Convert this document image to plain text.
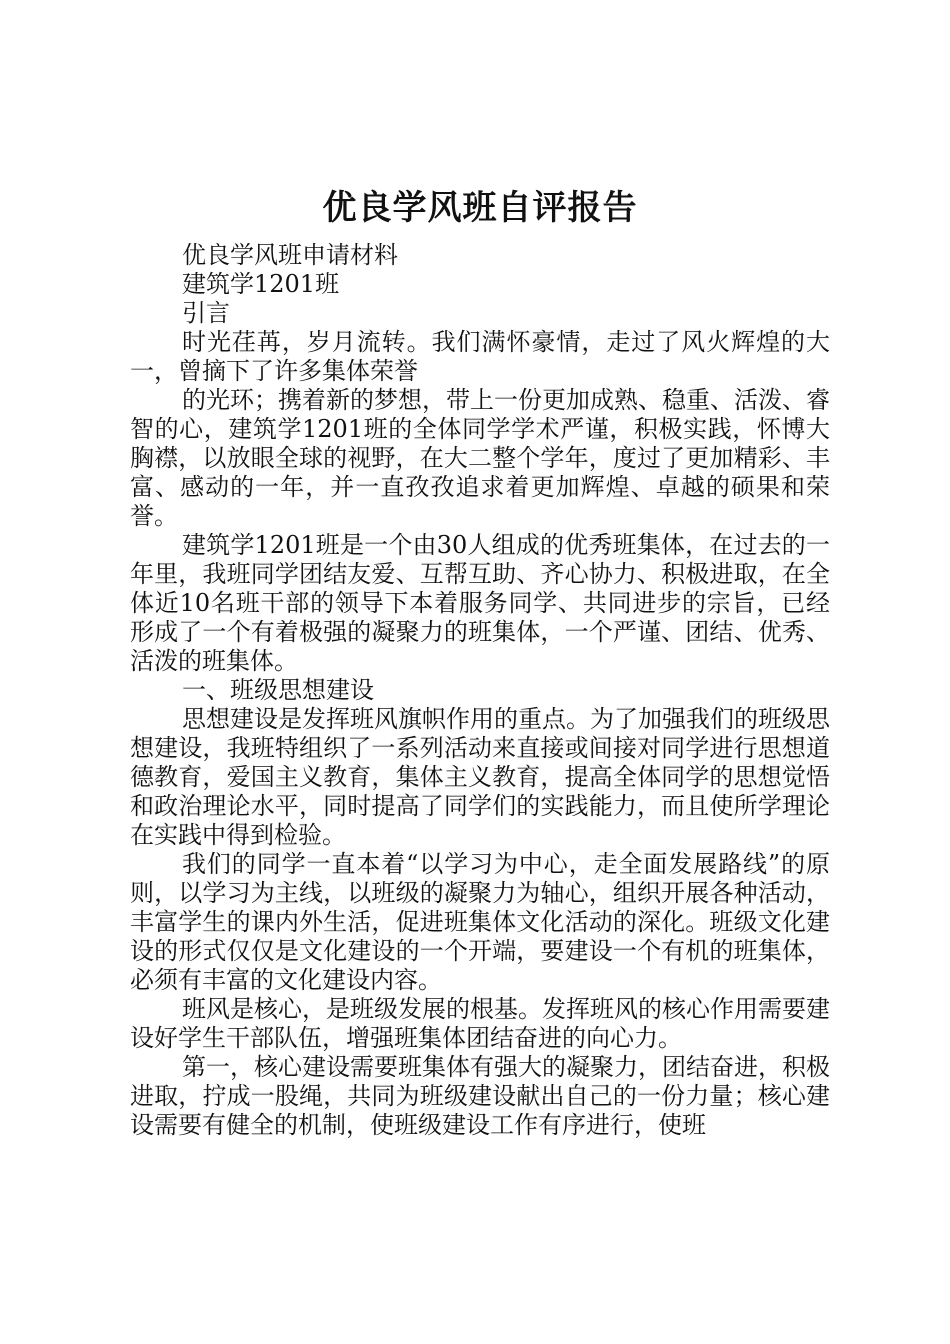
优良学风班自评报告

优良学风班申请材料

建筑学1201班

引言

时光荏苒，岁月流转。我们满怀豪情，走过了风火辉煌的大一，曾摘下了许多集体荣誉

的光环；携着新的梦想，带上一份更加成熟、稳重、活泼、睿智的心，建筑学1201班的全体同学学术严谨，积极实践，怀博大胸襟，以放眼全球的视野，在大二整个学年，度过了更加精彩、丰富、感动的一年，并一直孜孜追求着更加辉煌、卓越的硕果和荣誉。

建筑学1201班是一个由30人组成的优秀班集体，在过去的一年里，我班同学团结友爱、互帮互助、齐心协力、积极进取，在全体近10名班干部的领导下本着服务同学、共同进步的宗旨，已经形成了一个有着极强的凝聚力的班集体，一个严谨、团结、优秀、活泼的班集体。

一、班级思想建设

思想建设是发挥班风旗帜作用的重点。为了加强我们的班级思想建设，我班特组织了一系列活动来直接或间接对同学进行思想道德教育，爱国主义教育，集体主义教育，提高全体同学的思想觉悟和政治理论水平，同时提高了同学们的实践能力，而且使所学理论在实践中得到检验。

我们的同学一直本着“以学习为中心，走全面发展路线”的原则，以学习为主线，以班级的凝聚力为轴心，组织开展各种活动，丰富学生的课内外生活，促进班集体文化活动的深化。班级文化建设的形式仅仅是文化建设的一个开端，要建设一个有机的班集体，必须有丰富的文化建设内容。

班风是核心，是班级发展的根基。发挥班风的核心作用需要建设好学生干部队伍，增强班集体团结奋进的向心力。

第一，核心建设需要班集体有强大的凝聚力，团结奋进，积极进取，拧成一股绳，共同为班级建设献出自己的一份力量；核心建设需要有健全的机制，使班级建设工作有序进行，使班
